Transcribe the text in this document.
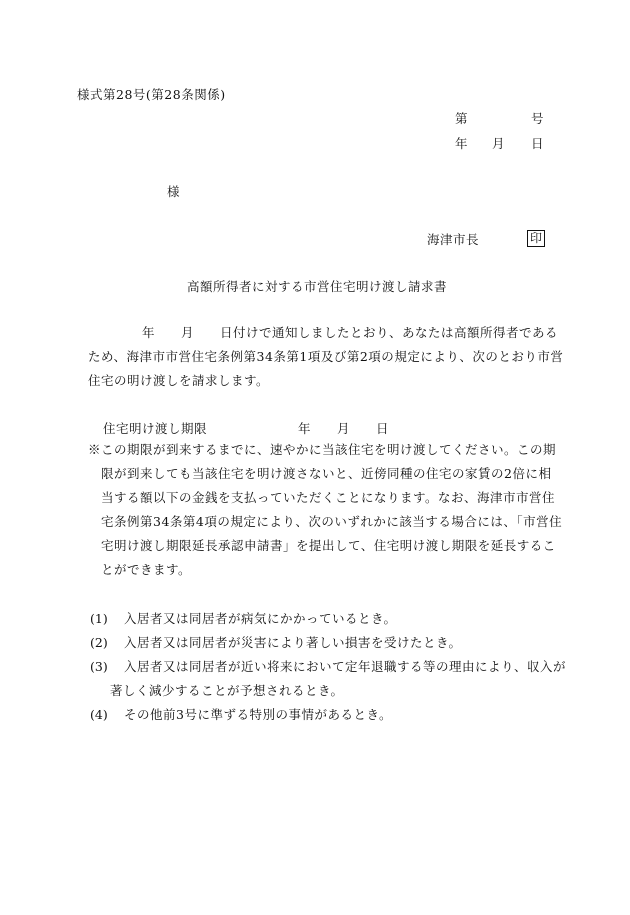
様式第28号(第28条関係)
第	号
年 月 日
様
海津市長	印
高額所得者に対する市営住宅明け渡し請求書
年 月 日付けで通知しましたとおり、あなたは高額所得者である
ため、海津市市営住宅条例第34条第1項及び第2項の規定により、次のとおり市営
住宅の明け渡しを請求します。
住宅明け渡し期限	年 月 日
※この期限が到来するまでに、速やかに当該住宅を明け渡してください。この期
限が到来しても当該住宅を明け渡さないと、近傍同種の住宅の家賃の2倍に相
当する額以下の金銭を支払っていただくことになります。なお、海津市市営住
宅条例第34条第4項の規定により、次のいずれかに該当する場合には、「市営住
宅明け渡し期限延長承認申請書」を提出して、住宅明け渡し期限を延長するこ
とができます。
(1) 入居者又は同居者が病気にかかっているとき。
(2) 入居者又は同居者が災害により著しい損害を受けたとき。
(3) 入居者又は同居者が近い将来において定年退職する等の理由により、収入が
著しく減少することが予想されるとき。
(4) その他前3号に準ずる特別の事情があるとき。
